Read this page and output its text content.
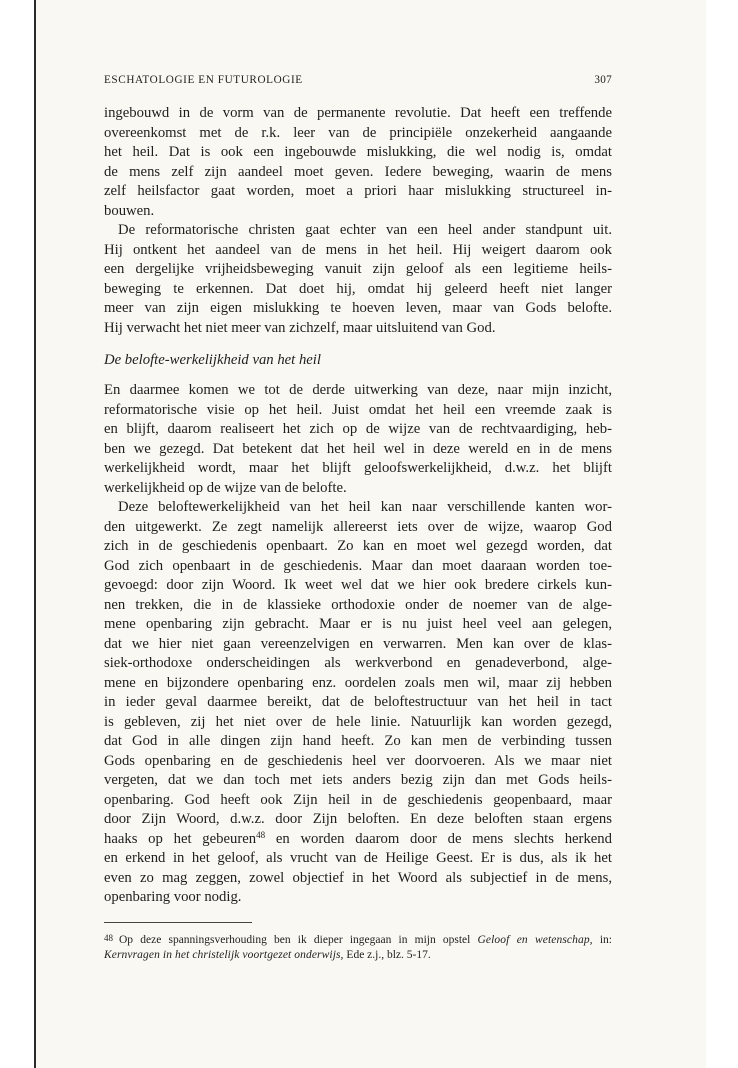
ESCHATOLOGIE EN FUTUROLOGIE	307
ingebouwd in de vorm van de permanente revolutie. Dat heeft een treffende
overeenkomst met de r.k. leer van de principiële onzekerheid aangaande
het heil. Dat is ook een ingebouwde mislukking, die wel nodig is, omdat
de mens zelf zijn aandeel moet geven. Iedere beweging, waarin de mens
zelf heilsfactor gaat worden, moet a priori haar mislukking structureel in-
bouwen.
De reformatorische christen gaat echter van een heel ander standpunt uit.
Hij ontkent het aandeel van de mens in het heil. Hij weigert daarom ook
een dergelijke vrijheidsbeweging vanuit zijn geloof als een legitieme heils-
beweging te erkennen. Dat doet hij, omdat hij geleerd heeft niet langer
meer van zijn eigen mislukking te hoeven leven, maar van Gods belofte.
Hij verwacht het niet meer van zichzelf, maar uitsluitend van God.
De belofte-werkelijkheid van het heil
En daarmee komen we tot de derde uitwerking van deze, naar mijn inzicht,
reformatorische visie op het heil. Juist omdat het heil een vreemde zaak is
en blijft, daarom realiseert het zich op de wijze van de rechtvaardiging, heb-
ben we gezegd. Dat betekent dat het heil wel in deze wereld en in de mens
werkelijkheid wordt, maar het blijft geloofswerkelijkheid, d.w.z. het blijft
werkelijkheid op de wijze van de belofte.
Deze beloftewerkelijkheid van het heil kan naar verschillende kanten wor-
den uitgewerkt. Ze zegt namelijk allereerst iets over de wijze, waarop God
zich in de geschiedenis openbaart. Zo kan en moet wel gezegd worden, dat
God zich openbaart in de geschiedenis. Maar dan moet daaraan worden toe-
gevoegd: door zijn Woord. Ik weet wel dat we hier ook bredere cirkels kun-
nen trekken, die in de klassieke orthodoxie onder de noemer van de alge-
mene openbaring zijn gebracht. Maar er is nu juist heel veel aan gelegen,
dat we hier niet gaan vereenzelvigen en verwarren. Men kan over de klas-
siek-orthodoxe onderscheidingen als werkverbond en genadeverbond, alge-
mene en bijzondere openbaring enz. oordelen zoals men wil, maar zij hebben
in ieder geval daarmee bereikt, dat de beloftestructuur van het heil in tact
is gebleven, zij het niet over de hele linie. Natuurlijk kan worden gezegd,
dat God in alle dingen zijn hand heeft. Zo kan men de verbinding tussen
Gods openbaring en de geschiedenis heel ver doorvoeren. Als we maar niet
vergeten, dat we dan toch met iets anders bezig zijn dan met Gods heils-
openbaring. God heeft ook Zijn heil in de geschiedenis geopenbaard, maar
door Zijn Woord, d.w.z. door Zijn beloften. En deze beloften staan ergens
haaks op het gebeuren$^{48}$ en worden daarom door de mens slechts herkend
en erkend in het geloof, als vrucht van de Heilige Geest. Er is dus, als ik het
even zo mag zeggen, zowel objectief in het Woord als subjectief in de mens,
openbaring voor nodig.
48 Op deze spanningsverhouding ben ik dieper ingegaan in mijn opstel Geloof en wetenschap, in: Kernvragen in het christelijk voortgezet onderwijs, Ede z.j., blz. 5-17.
